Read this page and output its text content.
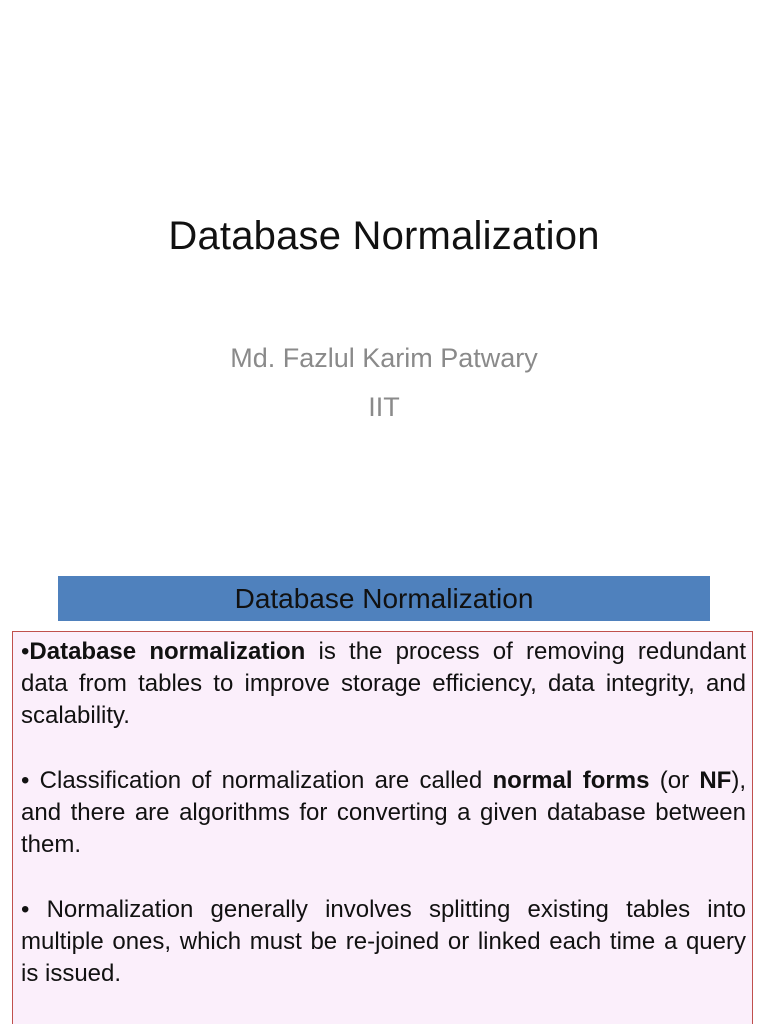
Database Normalization
Md. Fazlul Karim Patwary
IIT
Database Normalization

•Database normalization is the process of removing redundant data from tables to improve storage efficiency, data integrity, and scalability.

• Classification of normalization are called normal forms (or NF), and there are algorithms for converting a given database between them.

• Normalization generally involves splitting existing tables into multiple ones, which must be re-joined or linked each time a query is issued.
